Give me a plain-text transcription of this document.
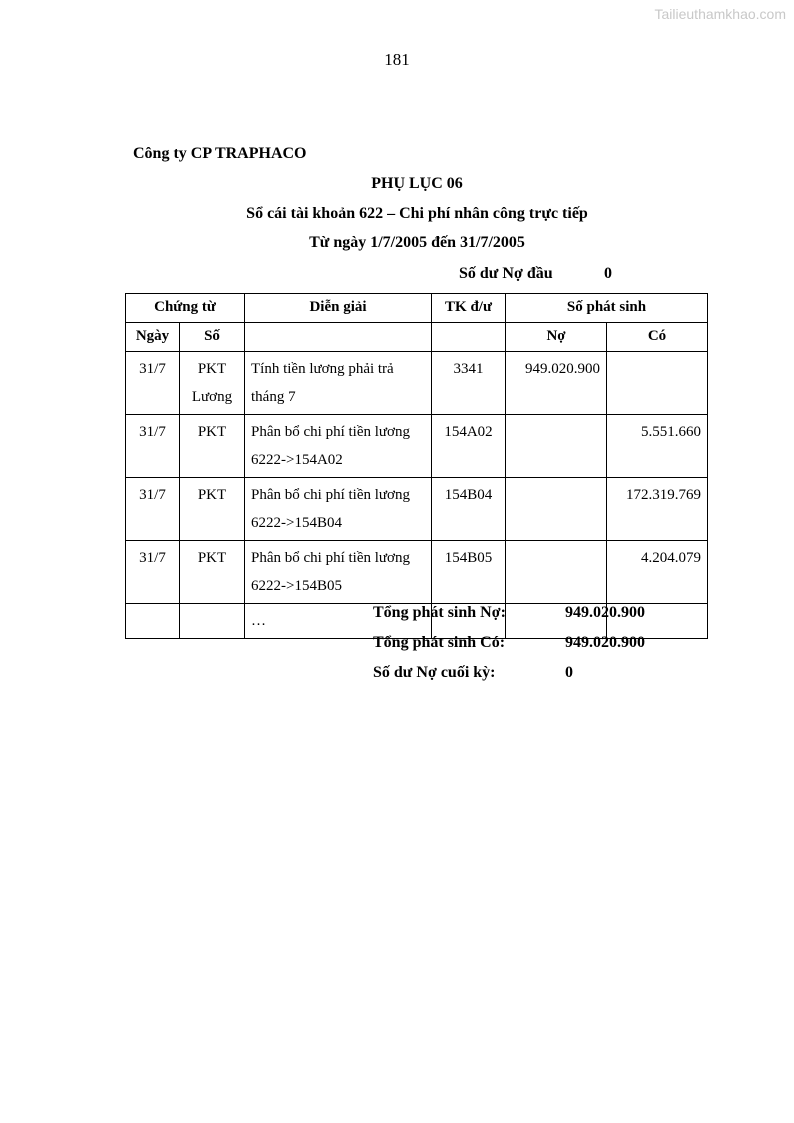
Tailieuthamkhao.com
181
Công ty CP TRAPHACO
PHỤ LỤC 06
Sổ cái tài khoản 622 – Chi phí nhân công trực tiếp
Từ ngày 1/7/2005 đến 31/7/2005
Số dư Nợ đầu	0
Chứng từ		Diễn giải	TK đ/ư	Số phát sinh	
Ngày	Số			Nợ	Có
31/7	PKT Lương	Tính tiền lương phải trả tháng 7	3341	949.020.900	
31/7	PKT	Phân bổ chi phí tiền lương 6222->154A02	154A02		5.551.660
31/7	PKT	Phân bổ chi phí tiền lương 6222->154B04	154B04		172.319.769
31/7	PKT	Phân bổ chi phí tiền lương 6222->154B05	154B05		4.204.079
		…				Tổng phát sinh Nợ:	949.020.900
Tổng phát sinh Có:	949.020.900
Số dư Nợ cuối kỳ:	0
